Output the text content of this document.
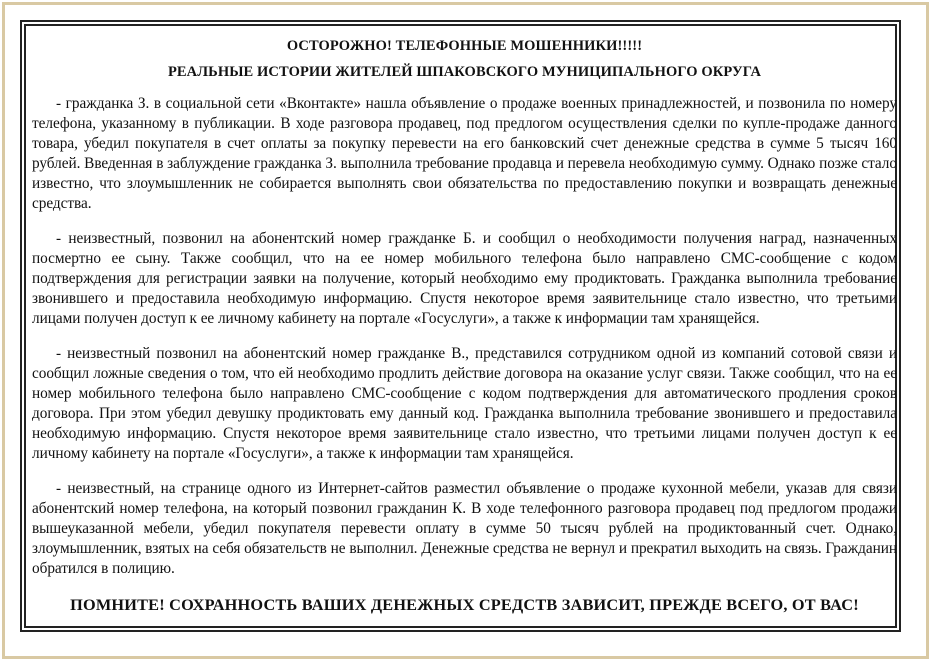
ОСТОРОЖНО! ТЕЛЕФОННЫЕ МОШЕННИКИ!!!!!
РЕАЛЬНЫЕ ИСТОРИИ ЖИТЕЛЕЙ ШПАКОВСКОГО МУНИЦИПАЛЬНОГО ОКРУГА

- гражданка З. в социальной сети «Вконтакте» нашла объявление о продаже военных принадлежностей, и позвонила по номеру телефона, указанному в публикации. В ходе разговора продавец, под предлогом осуществления сделки по купле-продаже данного товара, убедил покупателя в счет оплаты за покупку перевести на его банковский счет денежные средства в сумме 5 тысяч 160 рублей. Введенная в заблуждение гражданка З. выполнила требование продавца и перевела необходимую сумму. Однако позже стало известно, что злоумышленник не собирается выполнять свои обязательства по предоставлению покупки и возвращать денежные средства.

- неизвестный, позвонил на абонентский номер гражданке Б. и сообщил о необходимости получения наград, назначенных посмертно ее сыну. Также сообщил, что на ее номер мобильного телефона было направлено СМС-сообщение с кодом подтверждения для регистрации заявки на получение, который необходимо ему продиктовать. Гражданка выполнила требование звонившего и предоставила необходимую информацию. Спустя некоторое время заявительнице стало известно, что третьими лицами получен доступ к ее личному кабинету на портале «Госуслуги», а также к информации там хранящейся.

- неизвестный позвонил на абонентский номер гражданке В., представился сотрудником одной из компаний сотовой связи и сообщил ложные сведения о том, что ей необходимо продлить действие договора на оказание услуг связи. Также сообщил, что на ее номер мобильного телефона было направлено СМС-сообщение с кодом подтверждения для автоматического продления сроков договора. При этом убедил девушку продиктовать ему данный код. Гражданка выполнила требование звонившего и предоставила необходимую информацию. Спустя некоторое время заявительнице стало известно, что третьими лицами получен доступ к ее личному кабинету на портале «Госуслуги», а также к информации там хранящейся.

- неизвестный, на странице одного из Интернет-сайтов разместил объявление о продаже кухонной мебели, указав для связи абонентский номер телефона, на который позвонил гражданин К. В ходе телефонного разговора продавец под предлогом продажи вышеуказанной мебели, убедил покупателя перевести оплату в сумме 50 тысяч рублей на продиктованный счет. Однако, злоумышленник, взятых на себя обязательств не выполнил. Денежные средства не вернул и прекратил выходить на связь. Гражданин обратился в полицию.

ПОМНИТЕ! СОХРАННОСТЬ ВАШИХ ДЕНЕЖНЫХ СРЕДСТВ ЗАВИСИТ, ПРЕЖДЕ ВСЕГО, ОТ ВАС!
